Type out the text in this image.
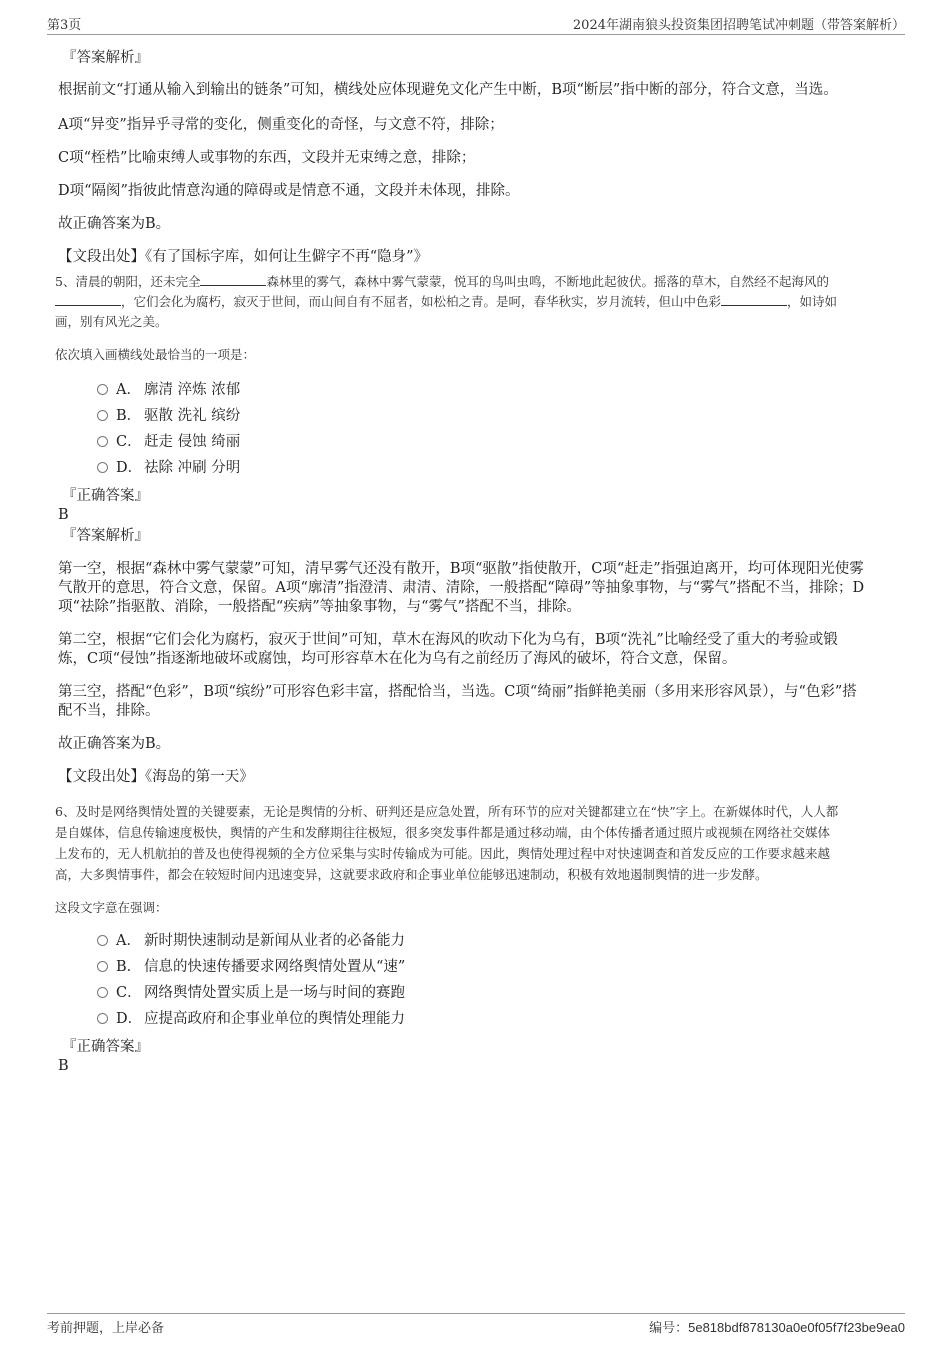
第3页	2024年湖南狼头投资集团招聘笔试冲刺题（带答案解析）
『答案解析』
根据前文“打通从输入到输出的链条”可知，横线处应体现避免文化产生中断，B项“断层”指中断的部分，符合文意，当选。
A项“异变”指异乎寻常的变化，侧重变化的奇怪，与文意不符，排除；
C项“桎梏”比喻束缚人或事物的东西，文段并无束缚之意，排除；
D项“隔阂”指彼此情意沟通的障碍或是情意不通，文段并未体现，排除。
故正确答案为B。
【文段出处】《有了国标字库，如何让生僻字不再“隐身”》
5、清晨的朝阳，还未完全	森林里的雾气，森林中雾气蒙蒙，悦耳的鸟叫虫鸣，不断地此起彼伏。摇落的草木，自然经不起海风的
，它们会化为腐朽，寂灭于世间，而山间自有不屈者，如松柏之青。是呵，春华秋实，岁月流转，但山中色彩	，如诗如
画，别有风光之美。
依次填入画横线处最恰当的一项是：
A． 廓清 淬炼 浓郁
B． 驱散 洗礼 缤纷
C． 赶走 侵蚀 绮丽
D． 祛除 冲刷 分明
『正确答案』
B
『答案解析』
第一空，根据“森林中雾气蒙蒙”可知，清早雾气还没有散开，B项“驱散”指使散开，C项“赶走”指强迫离开，均可体现阳光使雾
气散开的意思，符合文意，保留。A项“廓清”指澄清、肃清、清除，一般搭配“障碍”等抽象事物，与“雾气”搭配不当，排除；D
项“祛除”指驱散、消除，一般搭配“疾病”等抽象事物，与“雾气”搭配不当，排除。
第二空，根据“它们会化为腐朽，寂灭于世间”可知，草木在海风的吹动下化为乌有，B项“洗礼”比喻经受了重大的考验或锻
炼，C项“侵蚀”指逐渐地破坏或腐蚀，均可形容草木在化为乌有之前经历了海风的破坏，符合文意，保留。
第三空，搭配“色彩”，B项“缤纷”可形容色彩丰富，搭配恰当，当选。C项“绮丽”指鲜艳美丽（多用来形容风景），与“色彩”搭
配不当，排除。
故正确答案为B。
【文段出处】《海岛的第一天》
6、及时是网络舆情处置的关键要素，无论是舆情的分析、研判还是应急处置，所有环节的应对关键都建立在“快”字上。在新媒体时代，人人都
是自媒体，信息传输速度极快，舆情的产生和发酵期往往极短，很多突发事件都是通过移动端，由个体传播者通过照片或视频在网络社交媒体
上发布的，无人机航拍的普及也使得视频的全方位采集与实时传输成为可能。因此，舆情处理过程中对快速调查和首发反应的工作要求越来越
高，大多舆情事件，都会在较短时间内迅速变异，这就要求政府和企事业单位能够迅速制动，积极有效地遏制舆情的进一步发酵。
这段文字意在强调：
A． 新时期快速制动是新闻从业者的必备能力
B． 信息的快速传播要求网络舆情处置从“速”
C． 网络舆情处置实质上是一场与时间的赛跑
D． 应提高政府和企事业单位的舆情处理能力
『正确答案』
B
考前押题，上岸必备	编号：5e818bdf878130a0e0f05f7f23be9ea0
